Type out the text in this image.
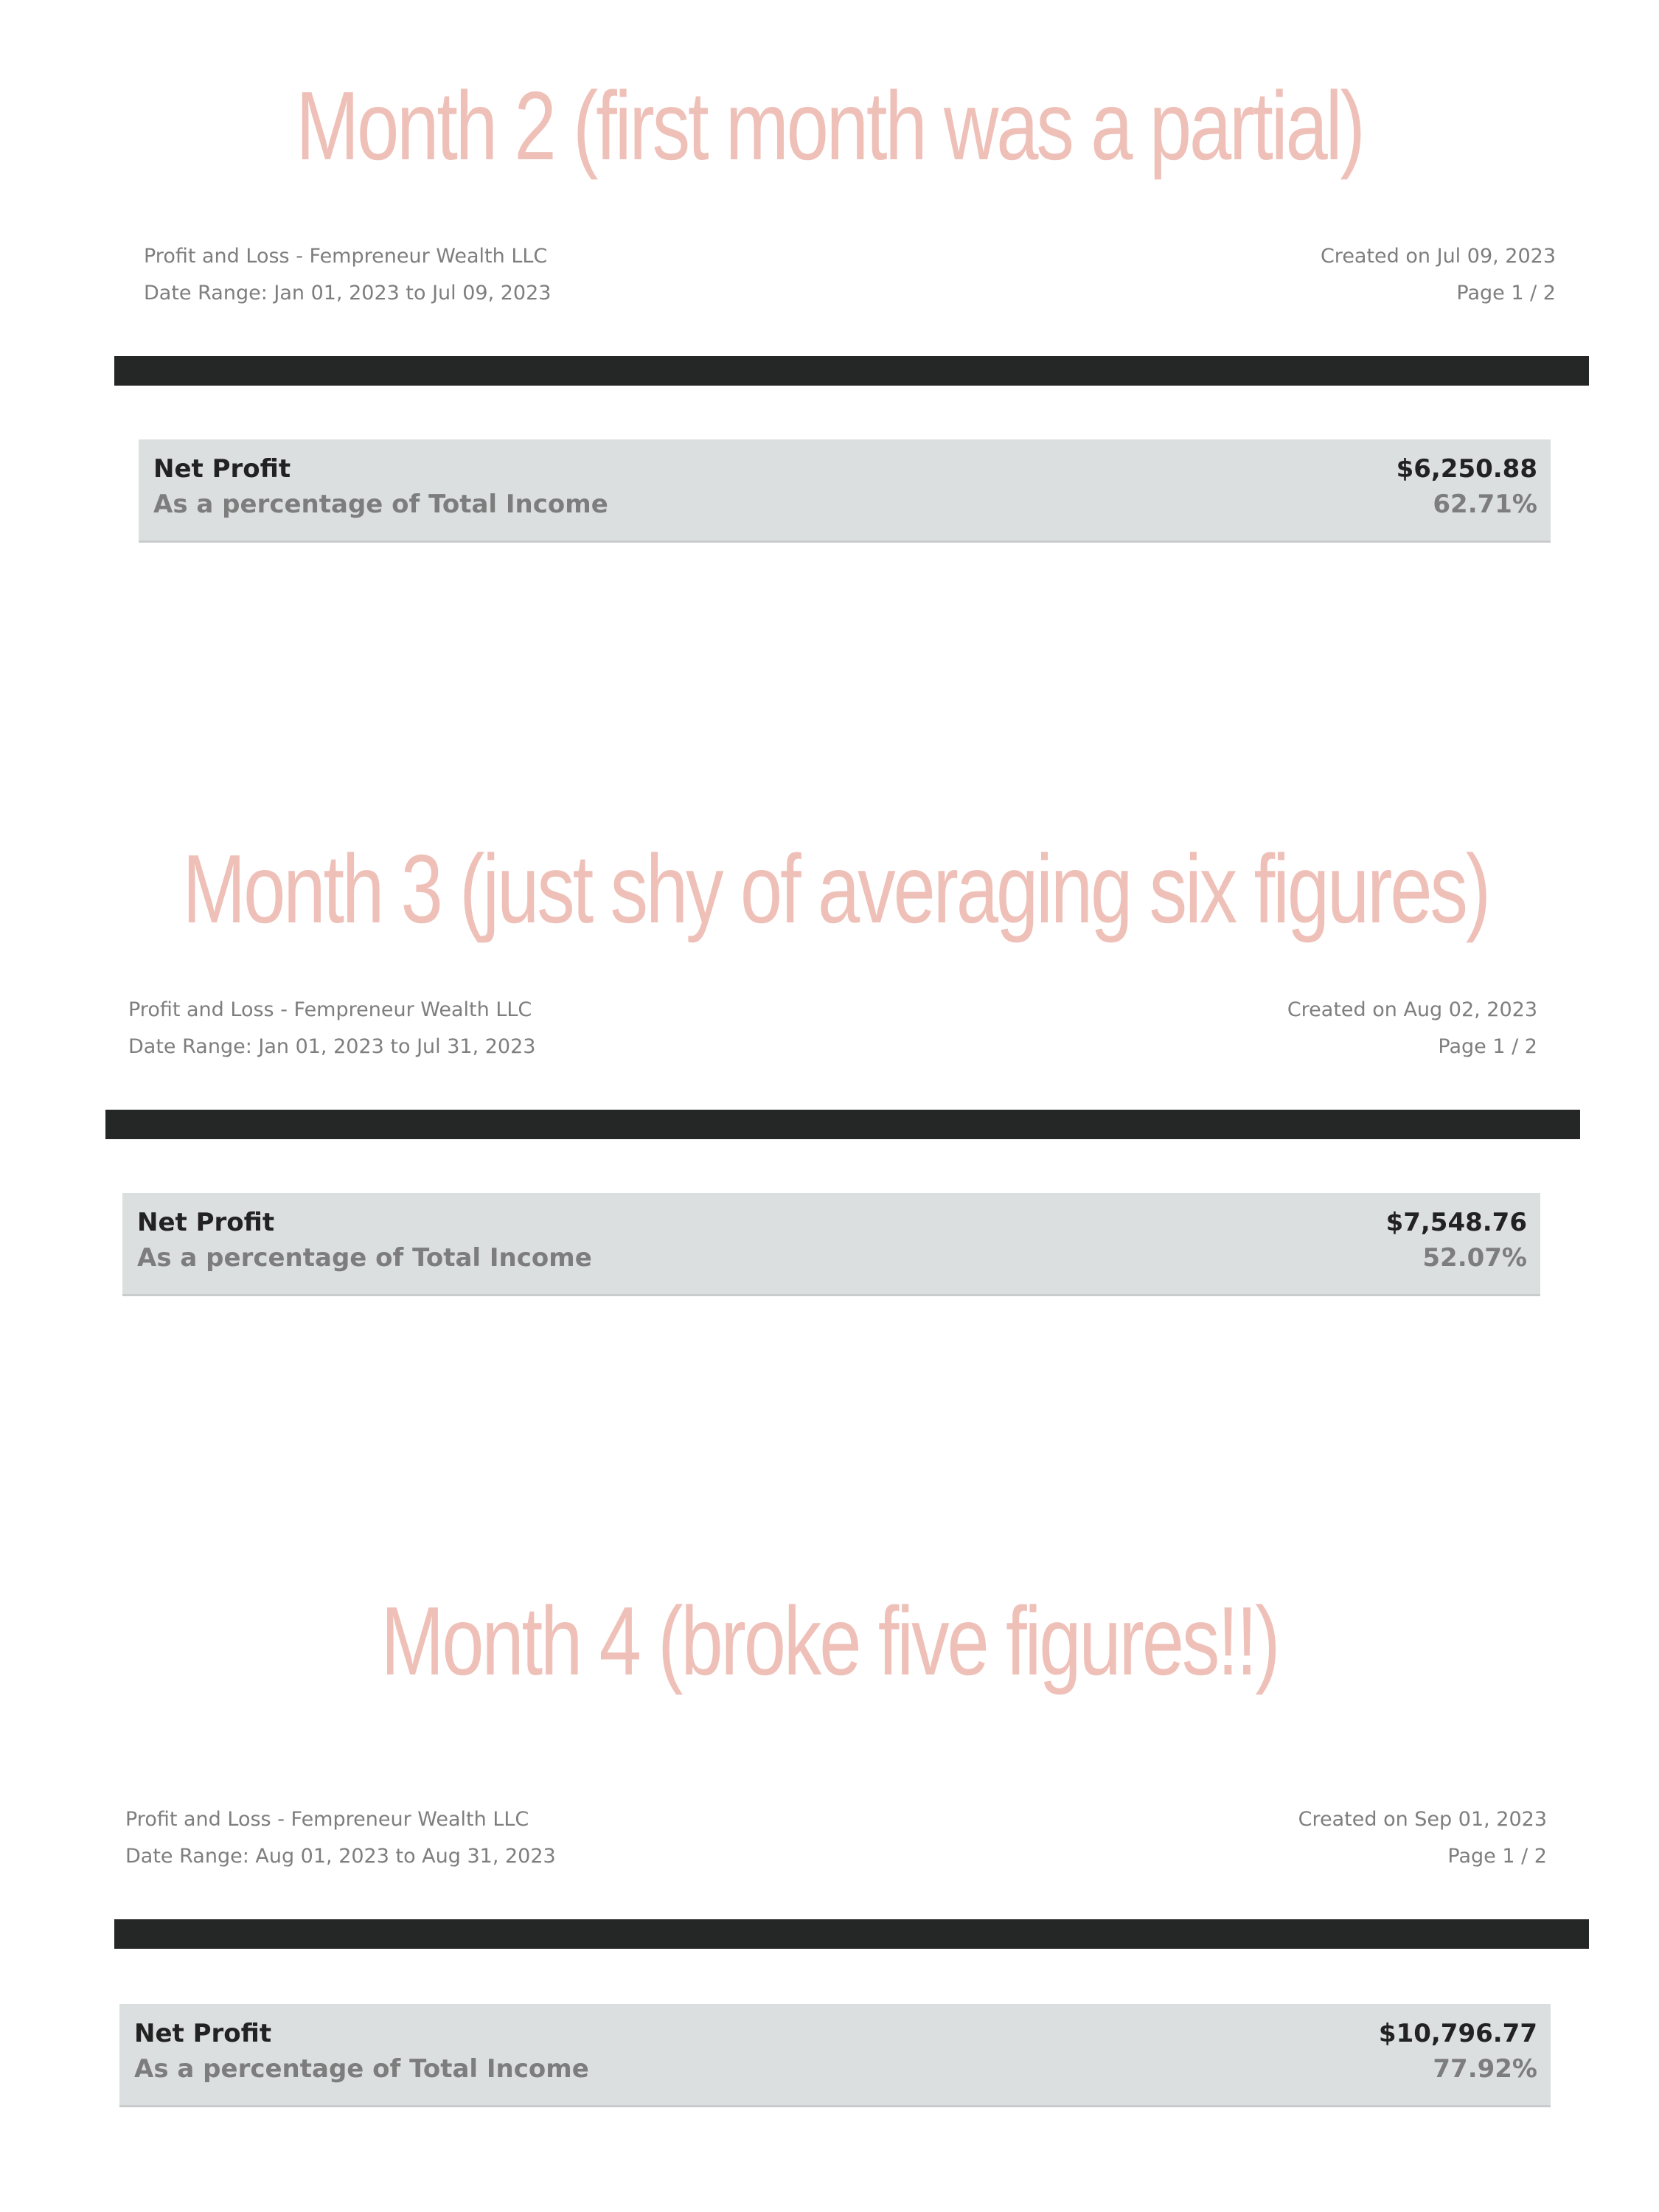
Month 2 (first month was a partial)
Profit and Loss - Fempreneur Wealth LLC
Date Range: Jan 01, 2023 to Jul 09, 2023
Created on Jul 09, 2023
Page 1 / 2
Net Profit
As a percentage of Total Income
$6,250.88
62.71%
Month 3 (just shy of averaging six figures)
Profit and Loss - Fempreneur Wealth LLC
Date Range: Jan 01, 2023 to Jul 31, 2023
Created on Aug 02, 2023
Page 1 / 2
Net Profit
As a percentage of Total Income
$7,548.76
52.07%
Month 4 (broke five figures!!)
Profit and Loss - Fempreneur Wealth LLC
Date Range: Aug 01, 2023 to Aug 31, 2023
Created on Sep 01, 2023
Page 1 / 2
Net Profit
As a percentage of Total Income
$10,796.77
77.92%
